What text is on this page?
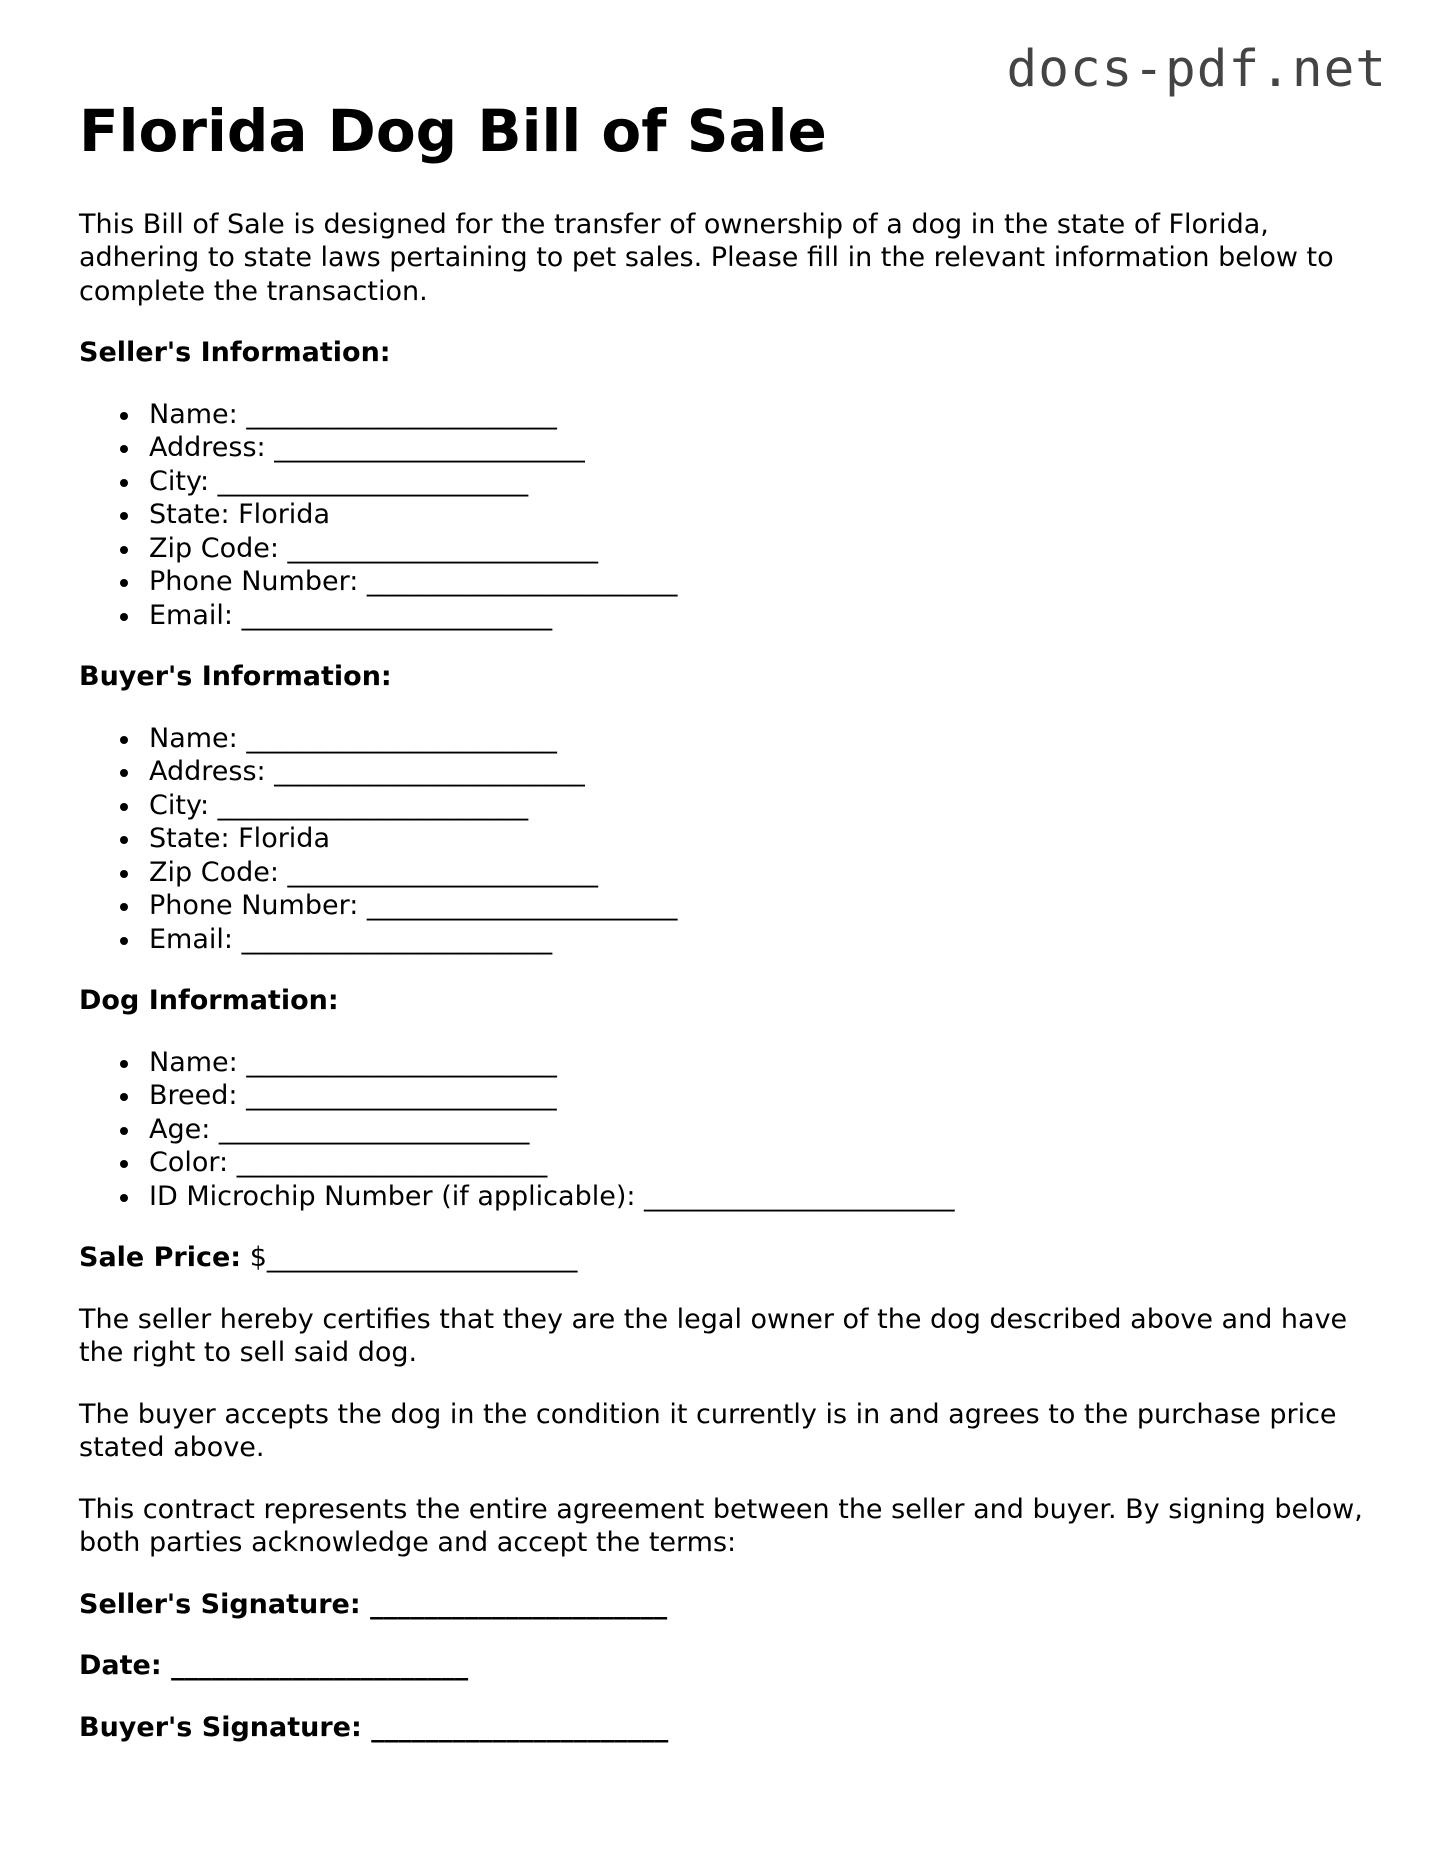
docs-pdf.net
Florida Dog Bill of Sale

This Bill of Sale is designed for the transfer of ownership of a dog in the state of Florida, adhering to state laws pertaining to pet sales. Please fill in the relevant information below to complete the transaction.

Seller's Information:

Name: _______________________
Address: _______________________
City: _______________________
State: Florida
Zip Code: _______________________
Phone Number: _______________________
Email: _______________________

Buyer's Information:

Name: _______________________
Address: _______________________
City: _______________________
State: Florida
Zip Code: _______________________
Phone Number: _______________________
Email: _______________________

Dog Information:

Name: _______________________
Breed: _______________________
Age: _______________________
Color: _______________________
ID Microchip Number (if applicable): _______________________

Sale Price: $_______________________

The seller hereby certifies that they are the legal owner of the dog described above and have the right to sell said dog.

The buyer accepts the dog in the condition it currently is in and agrees to the purchase price stated above.

This contract represents the entire agreement between the seller and buyer. By signing below, both parties acknowledge and accept the terms:

Seller's Signature: ______________________

Date: ______________________

Buyer's Signature: ______________________
